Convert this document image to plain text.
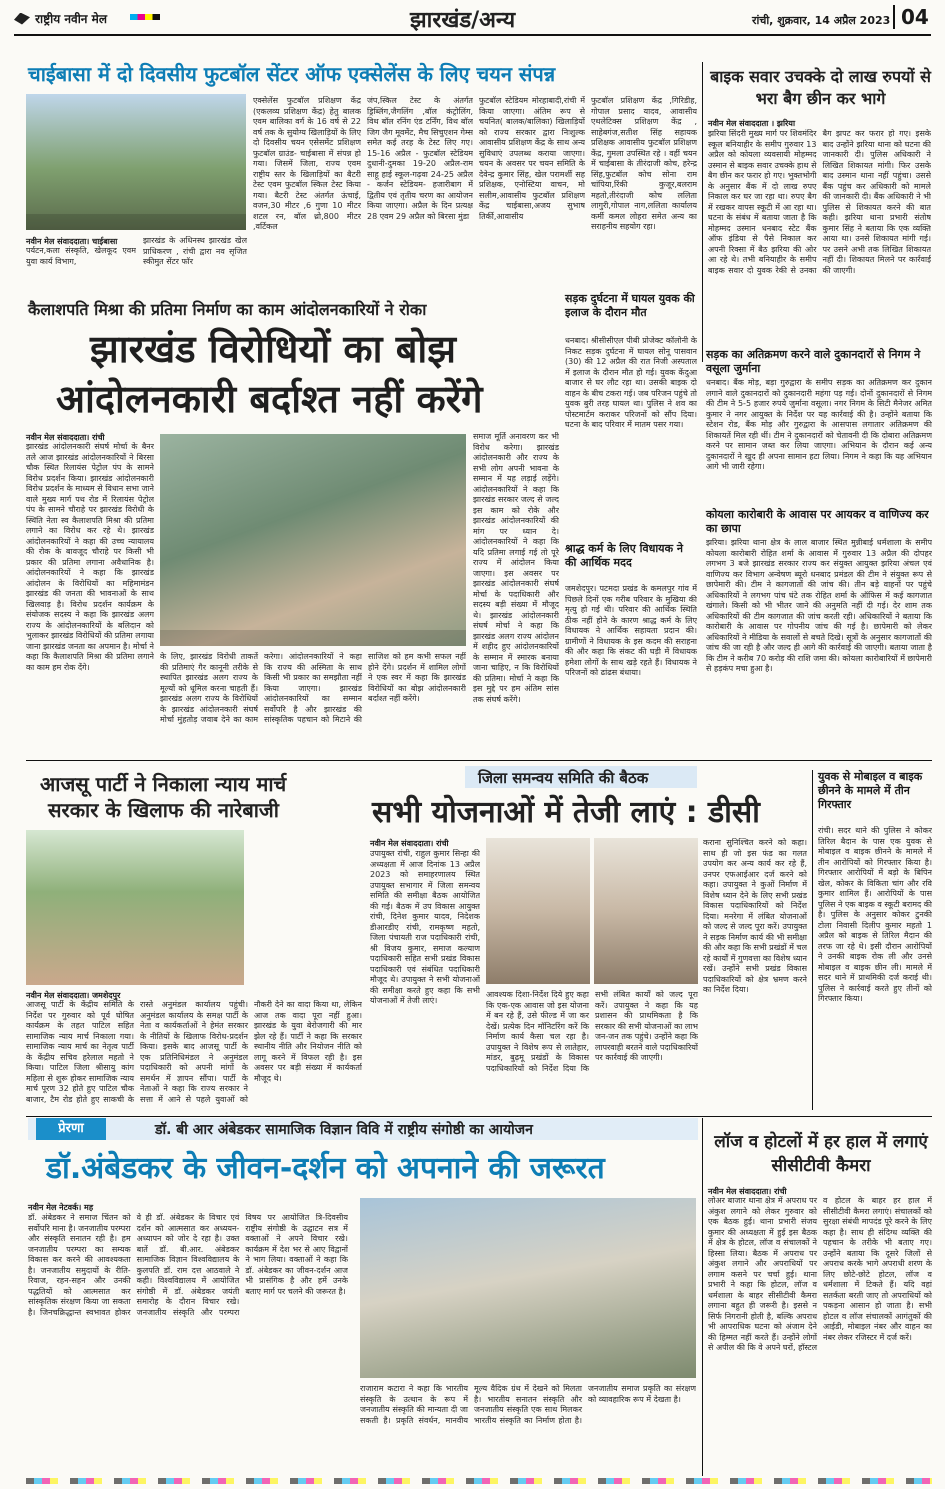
राष्ट्रीय नवीन मेल	झारखंड/अन्य	रांची, शुक्रवार, 14 अप्रैल 2023 04
चाईबासा में दो दिवसीय फुटबॉल सेंटर ऑफ एक्सेलेंस के लिए चयन संपन्न
नवीन मेल संवाददाता। चाईबासा
पर्यटन,कला संस्कृति, खेलकूद एवम युवा कार्य विभाग,
झारखंड के अधिनस्थ झारखंड खेल प्राधिकरण , रांची द्वारा नव सृजित स्कीमुत सेंटर फॉर
एक्सेलेंस फुटबॉल प्रशिक्षण केंद्र (एकलव्य प्रशिक्षण केंद्र) हेतु बालक एवम बालिका वर्ग के 16 वर्ष से 22 वर्ष तक के सुयोग्य खिलाड़ियों के लिए दो दिवसीय चयन एसेसमेंट प्रशिक्षण फुटबॉल ग्राउंड- चाईबासा में संपन्न हो गया। जिसमें जिला, राज्य एवम राष्ट्रीय स्तर के खिलाड़ियों का बैटरी टेस्ट एवम फुटबॉल स्किल टेस्ट किया गया। बैटरी टेस्ट अंतर्गत ऊंचाई, वजन,30 मीटर ,6 गुणा 10 मीटर शटल रन, बॉल थ्रो,800 मीटर ,वर्टिकल
जंप,स्किल टेस्ट के अंतर्गत ड्रिब्लिंग,जैगलिंग ,बॉल कंट्रोलिंग, विथ बॉल रनिंग एंड टर्निंग, विथ बॉल जिग जैग मूवमेंट, मैच सिचुएशन गेम्स समेत कई तरह के टेस्ट लिए गए। 15-16 अप्रैल - फुटबॉल स्टेडियम दुधानी-दुमका 19-20 अप्रैल-राम साहू हाई स्कूल-गढ़वा 24-25 अप्रैल - कर्जन स्टेडियम- हजारीबाग में द्वितीय एवं तृतीय चरण का आयोजन किया जाएगा। अप्रैल के दिन प्रत्यक्ष 28 एवम 29 अप्रैल को बिरसा मुंडा
फुटबॉल स्टेडियम मोरहाबादी,रांची में किया जाएगा। अंतिम रूप से चयनित( बालक/बालिका) खिलाड़ियों को राज्य सरकार द्वारा निःशुल्क आवासीय प्रशिक्षण केंद्र के साथ अन्य सुविधाएं उपलब्ध कराया जाएगा। चयन के अवसर पर चयन समिति के देवेन्द्र कुमार सिंह, खेल परामर्शी सह प्रशिक्षक, एनोस्टिया वाचन, मो सलीम,आवासीय फुटबॉल प्रशिक्षण केंद्र चाईबासा,अजय सुभाष तिर्की,आवासीय
फुटबॉल प्रशिक्षण केंद्र ,गिरिडीह, गोपाल प्रसाद यादव, आवासीय एथलेटिक्स प्रशिक्षण केंद्र , साहेबगंज,सतीश सिंह सहायक प्रशिक्षक आवासीय फुटबॉल प्रशिक्षण केंद्र, गुमला उपस्थित रहे । वहीं चयन में चाईबासा के तीरंदाजी कोच, हरेन्द्र सिंह,फुटबॉल कोच सोना राम चांपिया,रिंकी कुजूर,बलराम महतो,तीरंदाजी कोच ललिता लागुरी,गोपाल नाग,ललिता कार्यालय कर्मी कमल लोहरा समेत अन्य का सराहनीय सहयोग रहा।
बाइक सवार उचक्के दो लाख रुपयों से भरा बैग छीन कर भागे
नवीन मेल संवाददाता । झरिया
झरिया सिंदरी मुख्य मार्ग पर शिवमंदिर स्कूल बनियाहीर के समीप गुरुवार 13 अप्रैल को कोयला व्यवसायी मोहम्मद उस्मान से बाइक सवार उचक्के हाथ से बैग छीन कर फरार हो गए। भुक्तभोगी के अनुसार बैंक में दो लाख रुपए निकाल कर घर जा रहा था। रुपए बैग में रखकर वापस स्कूटी में आ रहा था। घटना के संबंध में बताया जाता है कि मोहम्मद उस्मान धनबाद स्टेट बैंक ऑफ इंडिया से पैसे निकाल कर अपनी रिक्सा में बैठ झरिया की ओर आ रहे थे। तभी बनियाहीर के समीप बाइक सवार दो युवक रेकी से उनका बैग झपट कर फरार हो गए। इसके बाद उन्होंने झरिया थाना को घटना की जानकारी दी। पुलिस अधिकारी ने लिखित शिकायत मांगी। फिर उसके बाद उस्मान थाना नहीं पहुंचा। उससे बैंक पहुंच कर अधिकारी को मामले की जानकारी दी। बैंक अधिकारी ने भी पुलिस से शिकायत करने की बात कही। झरिया थाना प्रभारी संतोष कुमार सिंह ने बताया कि एक व्यक्ति आया था। उनसे शिकायत मांगी गई। पर उसने अभी तक लिखित शिकायत नहीं दी। शिकायत मिलने पर कार्रवाई की जाएगी।
कैलाशपति मिश्रा की प्रतिमा निर्माण का काम आंदोलनकारियों ने रोका
झारखंड विरोधियों का बोझ
आंदोलनकारी बर्दाश्त नहीं करेंगे
नवीन मेल संवाददाता। रांची
झारखंड आंदोलनकारी संघर्ष मोर्चा के बैनर तले आज झारखंड आंदोलनकारियों ने बिरसा चौक स्थित रिलायंस पेट्रोल पंप के सामने विरोध प्रदर्शन किया। झारखंड आंदोलनकारी विरोध प्रदर्शन के माध्यम से विधान सभा जाने वाले मुख्य मार्ग पथ रोड में रिलायंस पेट्रोल पंप के सामने चौराहे पर झारखंड विरोधी के स्थिति नेता स्व कैलाशपति मिश्रा की प्रतिमा लगाने का विरोध कर रहे थे। झारखंड आंदोलनकारियों ने कहा की उच्च न्यायालय की रोक के बावजूद चौराहे पर किसी भी प्रकार की प्रतिमा लगाना अवैधानिक है। आंदोलनकारियों ने कहा कि झारखंड आंदोलन के विरोधियों का महिमामंडन झारखंड की जनता की भावनाओं के साथ खिलवाड़ है। विरोध प्रदर्शन कार्यक्रम के संयोजक सदस्य ने कहा कि झारखंड अलग राज्य के आंदोलनकारियों के बलिदान को भुलाकर झारखंड विरोधियों की प्रतिमा लगाया जाना झारखंड जनता का अपमान है। मोर्चा ने कहा कि कैलाशपति मिश्रा की प्रतिमा लगाने का काम हम रोक देंगे।
समाज मूर्ति अनावरण कर भी विरोध करेगा। झारखंड आंदोलनकारी और राज्य के सभी लोग अपनी भावना के सम्मान में यह लड़ाई लड़ेंगे। आंदोलनकारियों ने कहा कि झारखंड सरकार जल्द से जल्द इस काम को रोके और झारखंड आंदोलनकारियों की मांग पर ध्यान दे। आंदोलनकारियों ने कहा कि यदि प्रतिमा लगाई गई तो पूरे राज्य में आंदोलन किया जाएगा। इस अवसर पर झारखंड आंदोलनकारी संघर्ष मोर्चा के पदाधिकारी और सदस्य बड़ी संख्या में मौजूद थे। झारखंड आंदोलनकारी संघर्ष मोर्चा ने कहा कि झारखंड अलग राज्य आंदोलन में शहीद हुए आंदोलनकारियों के सम्मान में स्मारक बनाया जाना चाहिए, न कि विरोधियों की प्रतिमा। मोर्चा ने कहा कि इस मुद्दे पर हम अंतिम सांस तक संघर्ष करेंगे।
के लिए, झारखंड विरोधी ताकतें की प्रतिमाएं गैर कानूनी तरीके से स्थापित झारखंड अलग राज्य के मूल्यों को धूमिल करना चाहती हैं। झारखंड अलग राज्य के विरोधियों के झारखंड आंदोलनकारी संघर्ष मोर्चा मुंहतोड़ जवाब देने का काम करेगा। आंदोलनकारियों ने कहा कि राज्य की अस्मिता के साथ किसी भी प्रकार का समझौता नहीं किया जाएगा। झारखंड आंदोलनकारियों का सम्मान सर्वोपरि है और झारखंड की सांस्कृतिक पहचान को मिटाने की साजिश को हम कभी सफल नहीं होने देंगे। प्रदर्शन में शामिल लोगों ने एक स्वर में कहा कि झारखंड विरोधियों का बोझ आंदोलनकारी बर्दाश्त नहीं करेंगे।
सड़क दुर्घटना में घायल युवक की इलाज के दौरान मौत
धनबाद। श्रीसीसीएल पीबी प्रोजेक्ट कॉलोनी के निकट सड़क दुर्घटना में घायल सोनू पासवान (30) की 12 अप्रैल की रात निजी अस्पताल में इलाज के दौरान मौत हो गई। युवक केंदुआ बाजार से घर लौट रहा था। उसकी बाइक दो वाहन के बीच टकरा गई। जब परिजन पहुंचे तो युवक बुरी तरह घायल था। पुलिस ने शव का पोस्टमार्टम कराकर परिजनों को सौंप दिया। घटना के बाद परिवार में मातम पसर गया।
श्राद्ध कर्म के लिए विधायक ने की आर्थिक मदद
जमशेदपुर। पटमदा प्रखंड के कमलपुर गांव में पिछले दिनों एक गरीब परिवार के मुखिया की मृत्यु हो गई थी। परिवार की आर्थिक स्थिति ठीक नहीं होने के कारण श्राद्ध कर्म के लिए विधायक ने आर्थिक सहायता प्रदान की। ग्रामीणों ने विधायक के इस कदम की सराहना की और कहा कि संकट की घड़ी में विधायक हमेशा लोगों के साथ खड़े रहते हैं। विधायक ने परिजनों को ढांढस बंधाया।
सड़क का अतिक्रमण करने वाले दुकानदारों से निगम ने वसूला जुर्माना
धनबाद। बैंक मोड़, बड़ा गुरुद्वारा के समीप सड़क का अतिक्रमण कर दुकान लगाने वाले दुकानदारों को दुकानदारी महंगा पड़ गई। दोनों दुकानदारों से निगम की टीम ने 5-5 हजार रुपये जुर्माना वसूला। नगर निगम के सिटी मैनेजर अमित कुमार ने नगर आयुक्त के निर्देश पर यह कार्रवाई की है। उन्होंने बताया कि स्टेशन रोड, बैंक मोड़ और गुरुद्वारा के आसपास लगातार अतिक्रमण की शिकायतें मिल रही थीं। टीम ने दुकानदारों को चेतावनी दी कि दोबारा अतिक्रमण करने पर सामान जब्त कर लिया जाएगा। अभियान के दौरान कई अन्य दुकानदारों ने खुद ही अपना सामान हटा लिया। निगम ने कहा कि यह अभियान आगे भी जारी रहेगा।
कोयला कारोबारी के आवास पर आयकर व वाणिज्य कर का छापा
झरिया। झरिया थाना क्षेत्र के लाल बाजार स्थित मुन्नीबाई धर्मशाला के समीप कोयला कारोबारी रोहित शर्मा के आवास में गुरुवार 13 अप्रैल की दोपहर लगभग 3 बजे झारखंड सरकार राज्य कर संयुक्त आयुक्त झरिया अंचल एवं वाणिज्य कर विभाग अन्वेषण ब्यूरो धनबाद प्रमंडल की टीम ने संयुक्त रूप से छापेमारी की। टीम ने कागजातों की जांच की। तीन बड़े वाहनों पर पहुंचे अधिकारियों ने लगभग पांच घंटे तक रोहित शर्मा के ऑफिस में कई कागजात खंगाले। किसी को भी भीतर जाने की अनुमति नहीं दी गई। देर शाम तक अधिकारियों की टीम कागजात की जांच करती रही। अधिकारियों ने बताया कि कारोबारी के आवास पर गोपनीय जांच की गई है। छापेमारी को लेकर अधिकारियों ने मीडिया के सवालों से बचते दिखे। सूत्रों के अनुसार कागजातों की जांच की जा रही है और जल्द ही आगे की कार्रवाई की जाएगी। बताया जाता है कि टीम ने करीब 70 करोड़ की राशि जमा की। कोयला कारोबारियों में छापेमारी से हड़कंप मचा हुआ है।
आजसू पार्टी ने निकाला न्याय मार्च
सरकार के खिलाफ की नारेबाजी
नवीन मेल संवाददाता। जमशेदपुर
आजसू पार्टी के केंद्रीय समिति के निर्देश पर गुरुवार को पूर्व घोषित कार्यक्रम के तहत पाटिल सहित सामाजिक न्याय मार्च निकाला गया। सामाजिक न्याय मार्च का नेतृत्व पार्टी के केंद्रीय सचिव हरेलाल महतो ने किया। पाटिल जिला श्रीसायु कांग महिला से शुरू होकर सामाजिक न्याय मार्च पूरण 32 होते हुए पाटिल चौक बाजार, टैम रोड होते हुए साकची के रास्ते अनुमंडल कार्यालय पहुंची। अनुमंडल कार्यालय के समक्ष पार्टी के नेता व कार्यकर्ताओं ने हेमंत सरकार के नीतियों के खिलाफ विरोध-प्रदर्शन किया। इसके बाद आजसू पार्टी के एक प्रतिनिधिमंडल ने अनुमंडल पदाधिकारी को अपनी मांगों के समर्थन में ज्ञापन सौंपा। पार्टी के नेताओं ने कहा कि राज्य सरकार ने सत्ता में आने से पहले युवाओं को नौकरी देने का वादा किया था, लेकिन आज तक वादा पूरा नहीं हुआ। झारखंड के युवा बेरोजगारी की मार झेल रहे हैं। पार्टी ने कहा कि सरकार स्थानीय नीति और नियोजन नीति को लागू करने में विफल रही है। इस अवसर पर बड़ी संख्या में कार्यकर्ता मौजूद थे।
जिला समन्वय समिति की बैठक
सभी योजनाओं में तेजी लाएं : डीसी
नवीन मेल संवाददाता। रांची
उपायुक्त रांची, राहुल कुमार सिन्हा की अध्यक्षता में आज दिनांक 13 अप्रैल 2023 को समाहरणालय स्थित उपायुक्त सभागार में जिला समन्वय समिति की समीक्षा बैठक आयोजित की गई। बैठक में उप विकास आयुक्त रांची, दिनेश कुमार यादव, निदेशक डीआरडीए रांची, रामकृष्ण महतो, जिला पंचायती राज पदाधिकारी रांची, श्री विजय कुमार, समाज कल्याण पदाधिकारी सहित सभी प्रखंड विकास पदाधिकारी एवं संबंधित पदाधिकारी मौजूद थे। उपायुक्त ने सभी योजनाओं की समीक्षा करते हुए कहा कि सभी योजनाओं में तेजी लाएं।
आवश्यक दिशा-निर्देश दिये हुए कहा कि एक-एक आवास जो इस योजना में बन रहे हैं, उसे फील्ड में जा कर देखें। प्रत्येक दिन मॉनिटरिंग करें कि निर्माण कार्य कैसा चल रहा है। उपायुक्त ने विशेष रूप से लातेहार, मांडर, बुढ़मू प्रखंडों के विकास पदाधिकारियों को निर्देश दिया कि सभी लंबित कार्यों को जल्द पूरा करें। उपायुक्त ने कहा कि यह प्रशासन की प्राथमिकता है कि सरकार की सभी योजनाओं का लाभ जन-जन तक पहुंचे। उन्होंने कहा कि लापरवाही बरतने वाले पदाधिकारियों पर कार्रवाई की जाएगी।
कराना सुनिश्चित करने को कहा। साथ ही जो इस फंड का गलत उपयोग कर अन्य कार्य कर रहे हैं, उनपर एफआईआर दर्ज करने को कहा। उपायुक्त ने कुओं निर्माण में विशेष ध्यान देने के लिए सभी प्रखंड विकास पदाधिकारियों को निर्देश दिया। मनरेगा में लंबित योजनाओं को जल्द से जल्द पूरा करें। उपायुक्त ने सड़क निर्माण कार्य की भी समीक्षा की और कहा कि सभी प्रखंडों में चल रहे कार्यों में गुणवत्ता का विशेष ध्यान रखें। उन्होंने सभी प्रखंड विकास पदाधिकारियों को क्षेत्र भ्रमण करने का निर्देश दिया।
युवक से मोबाइल व बाइक छीनने के मामले में तीन गिरफ्तार
रांची। सदर थाने की पुलिस ने कोकर तिरिल बैदान के पास एक युवक से मोबाइल व बाइक छीनने के मामले में तीन आरोपियों को गिरफ्तार किया है। गिरफ्तार आरोपियों में बड़ो के बिपिन खेल, कोकर के विकिता चांग और रवि कुमार शामिल हैं। आरोपियों के पास पुलिस ने एक बाइक व स्कूटी बरामद की है। पुलिस के अनुसार कोकर टुनकी टोला निवासी दिलीप कुमार महतो 1 अप्रैल को बाइक से तिरिल मैदान की तरफ जा रहे थे। इसी दौरान आरोपियों ने उनकी बाइक रोक ली और उनसे मोबाइल व बाइक छीन ली। मामले में सदर थाने में प्राथमिकी दर्ज कराई थी। पुलिस ने कार्रवाई करते हुए तीनों को गिरफ्तार किया।
प्रेरणा	डॉ. बी आर अंबेडकर सामाजिक विज्ञान विवि में राष्ट्रीय संगोष्ठी का आयोजन
डॉ.अंबेडकर के जीवन-दर्शन को अपनाने की जरूरत
नवीन मेल नेटवर्क। मह
डॉ. अंबेडकर ने समाज चिंतन को सर्वोपरि माना है। जनजातीय परम्परा और संस्कृति सनातन रही है। हम जनजातीय परम्परा का सम्यक विकास कर करने की आवश्यकता है। जनजातीय समुदायों के रीति-रिवाज, रहन-सहन और उनकी पद्धतियों को आत्मसात कर सांस्कृतिक संरक्षण किया जा सकता है। जिनचक्रिद्धान्त स्वभावत होकर वे ही डॉ. अंबेडकर के विचार एवं दर्शन को आत्मसात कर अध्ययन-अध्यापन को जोर दे रहा है। उक्त बातें डॉ. बी.आर. अंबेडकर सामाजिक विज्ञान विश्वविद्यालय के कुलपति डॉ. राम दत्त आठवाले ने कही। विश्वविद्यालय में आयोजित संगोष्ठी में डॉ. अंबेडकर जयंती समारोह के दौरान विचार रखे। जनजातीय संस्कृति और परम्परा विषय पर आयोजित त्रि-दिवसीय राष्ट्रीय संगोष्ठी के उद्घाटन सत्र में वक्ताओं ने अपने विचार रखे। कार्यक्रम में देश भर से आए विद्वानों ने भाग लिया। वक्ताओं ने कहा कि डॉ. अंबेडकर का जीवन-दर्शन आज भी प्रासंगिक है और हमें उनके बताए मार्ग पर चलने की जरूरत है।
राजाराम कटारा ने कहा कि भारतीय संस्कृति के उत्थान के रूप में जनजातीय संस्कृति की मान्यता दी जा सकती है। प्रकृति संवर्धन, मानवीय मूल्य वैदिक ग्रंथ में देखने को मिलता है। भारतीय सनातन संस्कृति और जनजातीय संस्कृति एक साथ मिलकर भारतीय संस्कृति का निर्माण होता है। जनजातीय समाज प्रकृति का संरक्षण को व्यावहारिक रूप में देखता है।
लॉज व होटलों में हर हाल में लगाएं सीसीटीवी कैमरा
नवीन मेल संवाददाता। रांची
लोअर बाजार थाना क्षेत्र में अपराध पर अंकुश लगाने को लेकर गुरुवार को एक बैठक हुई। थाना प्रभारी संजय कुमार की अध्यक्षता में हुई इस बैठक में क्षेत्र के होटल, लॉज व संचालकों ने हिस्सा लिया। बैठक में अपराध पर अंकुश लगाने और अपराधियों पर लगाम कसने पर चर्चा हुई। थाना प्रभारी ने कहा कि होटल, लॉज व धर्मशाला के बाहर सीसीटीवी कैमरा लगाना बहुत ही जरूरी है। इससे न सिर्फ निगरानी होती है, बल्कि अपराध भी आपराधिक घटना को अंजाम देने की हिम्मत नहीं करते हैं। उन्होंने लोगों से अपील की कि वे अपने घरों, हॉस्टल व होटल के बाहर हर हाल में सीसीटीवी कैमरा लगाएं। संचालकों को सुरक्षा संबंधी मापदंड पूरे करने के लिए कहा है। साथ ही संदिग्ध व्यक्ति की पहचान के तरीके भी बताए गए। उन्होंने बताया कि दूसरे जिलों से अपराध करके भागे अपराधी शरण के लिए छोटे-छोटे होटल, लॉज व धर्मशाला में टिकते हैं। यदि वहां सतर्कता बरती जाए तो अपराधियों को पकड़ना आसान हो जाता है। सभी होटल व लॉज संचालकों आगंतुकों की आईडी, मोबाइल नंबर और वाहन का नंबर लेकर रजिस्टर में दर्ज करें।
